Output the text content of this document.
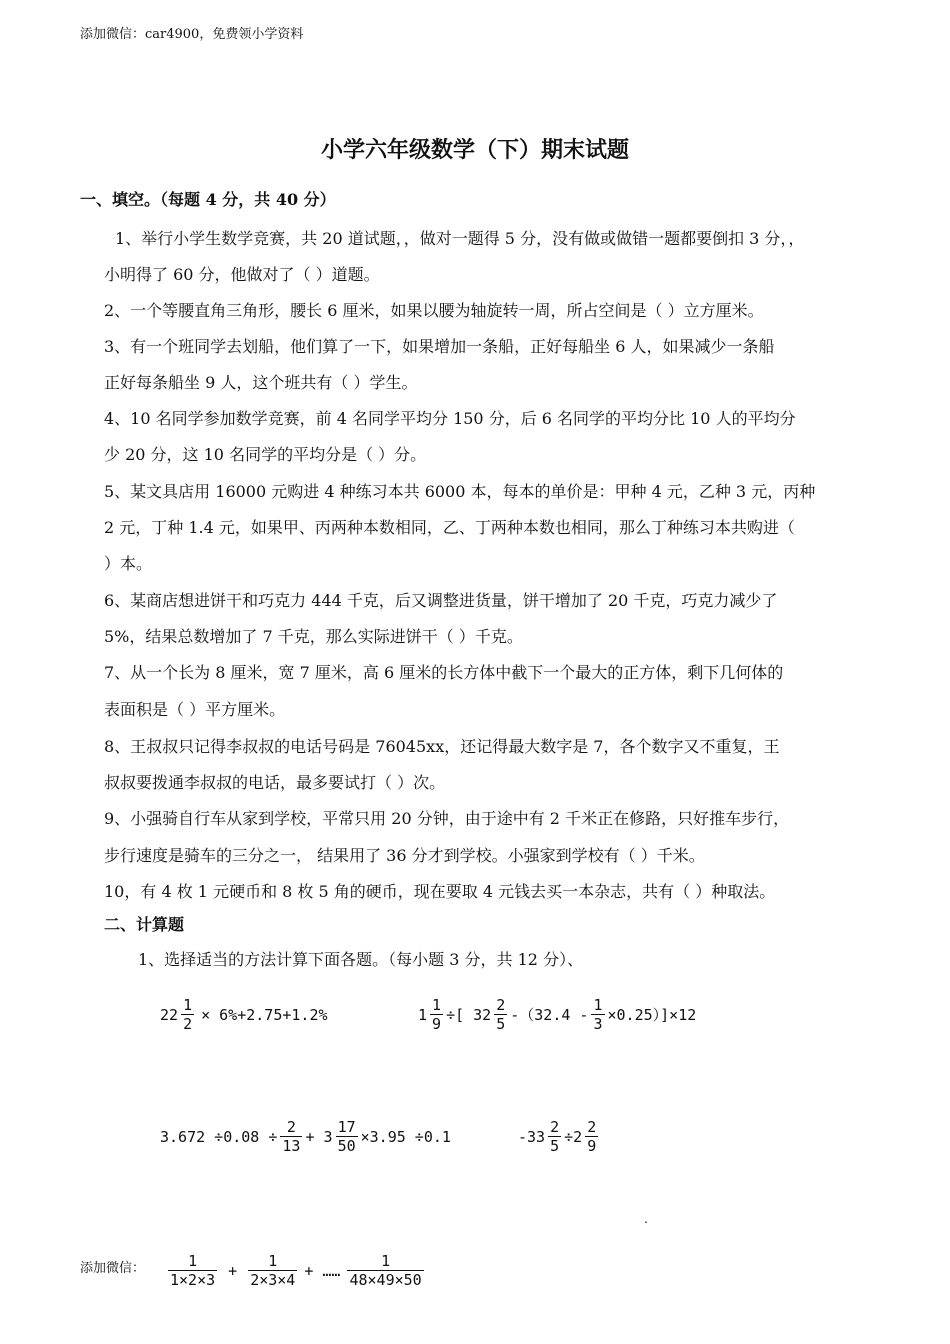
添加微信：car4900，免费领小学资料
小学六年级数学（下）期末试题
一、填空。（每题 4 分，共 40 分）
1、举行小学生数学竞赛，共 20 道试题，，做对一题得 5 分，没有做或做错一题都要倒扣 3 分，，
小明得了 60 分，他做对了（ ）道题。
2、一个等腰直角三角形，腰长 6 厘米，如果以腰为轴旋转一周，所占空间是（ ）立方厘米。
3、有一个班同学去划船，他们算了一下，如果增加一条船，正好每船坐 6 人，如果减少一条船
正好每条船坐 9 人，这个班共有（ ）学生。
4、10 名同学参加数学竞赛，前 4 名同学平均分 150 分，后 6 名同学的平均分比 10 人的平均分
少 20 分，这 10 名同学的平均分是（ ）分。
5、某文具店用 16000 元购进 4 种练习本共 6000 本，每本的单价是：甲种 4 元，乙种 3 元，丙种
2 元，丁种 1.4 元，如果甲、丙两种本数相同，乙、丁两种本数也相同，那么丁种练习本共购进（
）本。
6、某商店想进饼干和巧克力 444 千克，后又调整进货量，饼干增加了 20 千克，巧克力减少了
5%，结果总数增加了 7 千克，那么实际进饼干（ ）千克。
7、从一个长为 8 厘米，宽 7 厘米，高 6 厘米的长方体中截下一个最大的正方体，剩下几何体的
表面积是（ ）平方厘米。
8、王叔叔只记得李叔叔的电话号码是 76045xx，还记得最大数字是 7，各个数字又不重复，王
叔叔要拨通李叔叔的电话，最多要试打（ ）次。
9、小强骑自行车从家到学校，平常只用 20 分钟，由于途中有 2 千米正在修路，只好推车步行，
步行速度是骑车的三分之一， 结果用了 36 分才到学校。小强家到学校有（ ）千米。
10，有 4 枚 1 元硬币和 8 枚 5 角的硬币，现在要取 4 元钱去买一本杂志，共有（ ）种取法。
二、计算题
1、选择适当的方法计算下面各题。（每小题 3 分，共 12 分）、
$22 \frac{1}{2} \times 6\%+2.75+1.2\%$	$1 \frac{1}{9}$ ÷[ $32 \frac{2}{5} -(32.4 - \frac{1}{3} \times 0.25)]\times 12$
$3.672 \div 0.08 \div \frac{2}{13} + 3 \frac{17}{50} \times 3.95 \div 0.1$	$-33 \frac{2}{5} \div 2 \frac{2}{9}$
.
添加微信： $\frac{1}{1\times 2\times 3} + \frac{1}{2\times 3\times 4}$ + …… $\frac{1}{48\times 49\times 50}$
